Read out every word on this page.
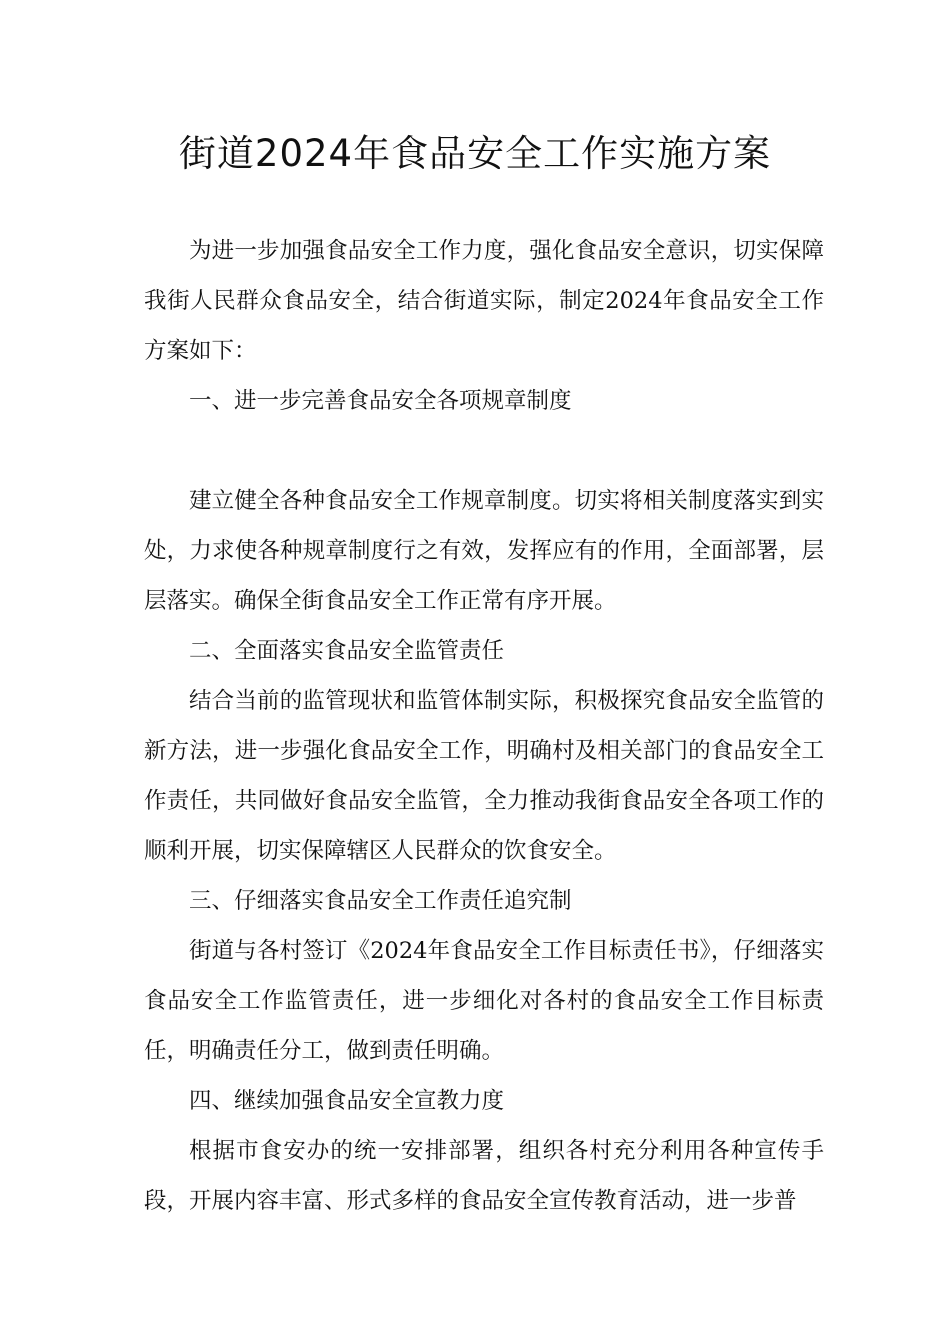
街道2024年食品安全工作实施方案

为进一步加强食品安全工作力度，强化食品安全意识，切实保障我街人民群众食品安全，结合街道实际，制定2024年食品安全工作方案如下：

一、进一步完善食品安全各项规章制度

建立健全各种食品安全工作规章制度。切实将相关制度落实到实处，力求使各种规章制度行之有效，发挥应有的作用，全面部署，层层落实。确保全街食品安全工作正常有序开展。

二、全面落实食品安全监管责任

结合当前的监管现状和监管体制实际，积极探究食品安全监管的新方法，进一步强化食品安全工作，明确村及相关部门的食品安全工作责任，共同做好食品安全监管，全力推动我街食品安全各项工作的顺利开展，切实保障辖区人民群众的饮食安全。

三、仔细落实食品安全工作责任追究制

街道与各村签订《2024年食品安全工作目标责任书》，仔细落实食品安全工作监管责任，进一步细化对各村的食品安全工作目标责任，明确责任分工，做到责任明确。

四、继续加强食品安全宣教力度

根据市食安办的统一安排部署，组织各村充分利用各种宣传手段，开展内容丰富、形式多样的食品安全宣传教育活动，进一步普
